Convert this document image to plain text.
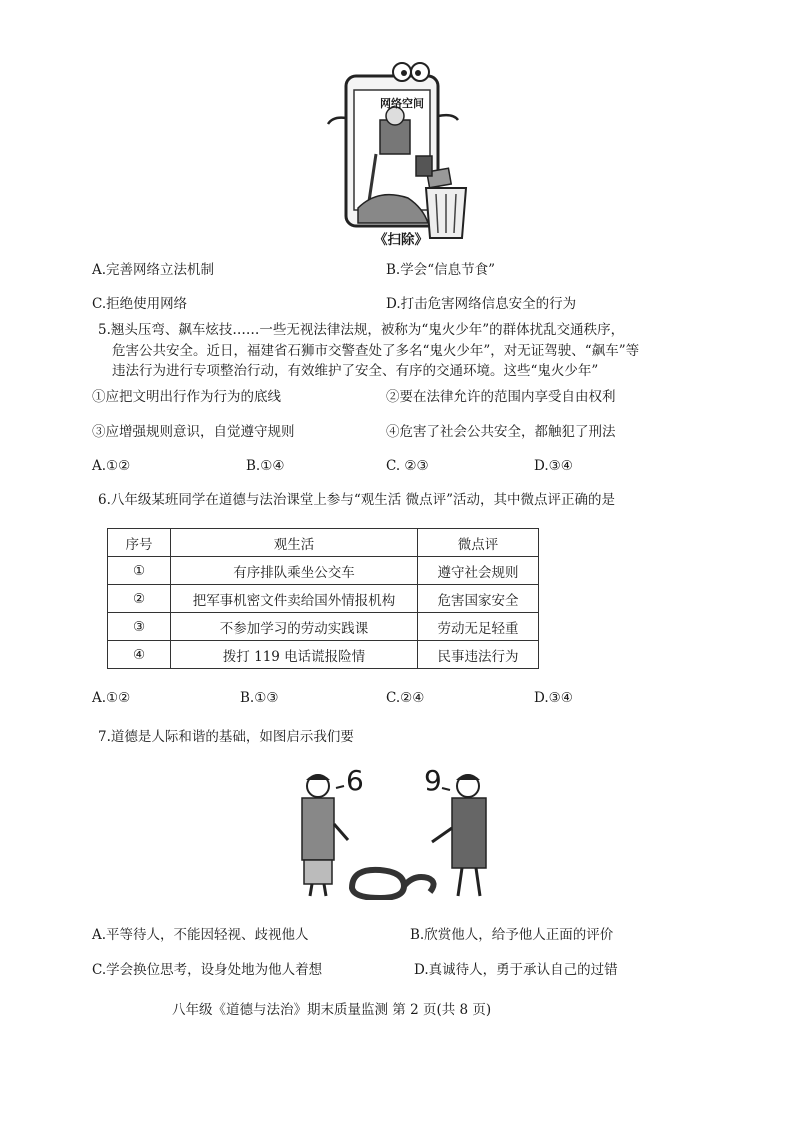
网络空间
《扫除》
A.完善网络立法机制	B.学会“信息节食”
C.拒绝使用网络	D.打击危害网络信息安全的行为
5.翘头压弯、飙车炫技……一些无视法律法规，被称为“鬼火少年”的群体扰乱交通秩序，
危害公共安全。近日，福建省石狮市交警查处了多名“鬼火少年”，对无证驾驶、“飙车”等
违法行为进行专项整治行动，有效维护了安全、有序的交通环境。这些“鬼火少年”
①应把文明出行作为行为的底线	②要在法律允许的范围内享受自由权利
③应增强规则意识，自觉遵守规则	④危害了社会公共安全，都触犯了刑法
A.①②	B.①④	C. ②③	D.③④
6.八年级某班同学在道德与法治课堂上参与“观生活 微点评”活动，其中微点评正确的是
序号	观生活	微点评
①	有序排队乘坐公交车	遵守社会规则
②	把军事机密文件卖给国外情报机构	危害国家安全
③	不参加学习的劳动实践课	劳动无足轻重
④	拨打 119 电话谎报险情	民事违法行为
A.①②	B.①③	C.②④	D.③④
7.道德是人际和谐的基础，如图启示我们要
6 9
A.平等待人，不能因轻视、歧视他人	B.欣赏他人，给予他人正面的评价
C.学会换位思考，设身处地为他人着想	D.真诚待人，勇于承认自己的过错
八年级《道德与法治》期末质量监测 第 2 页(共 8 页)
